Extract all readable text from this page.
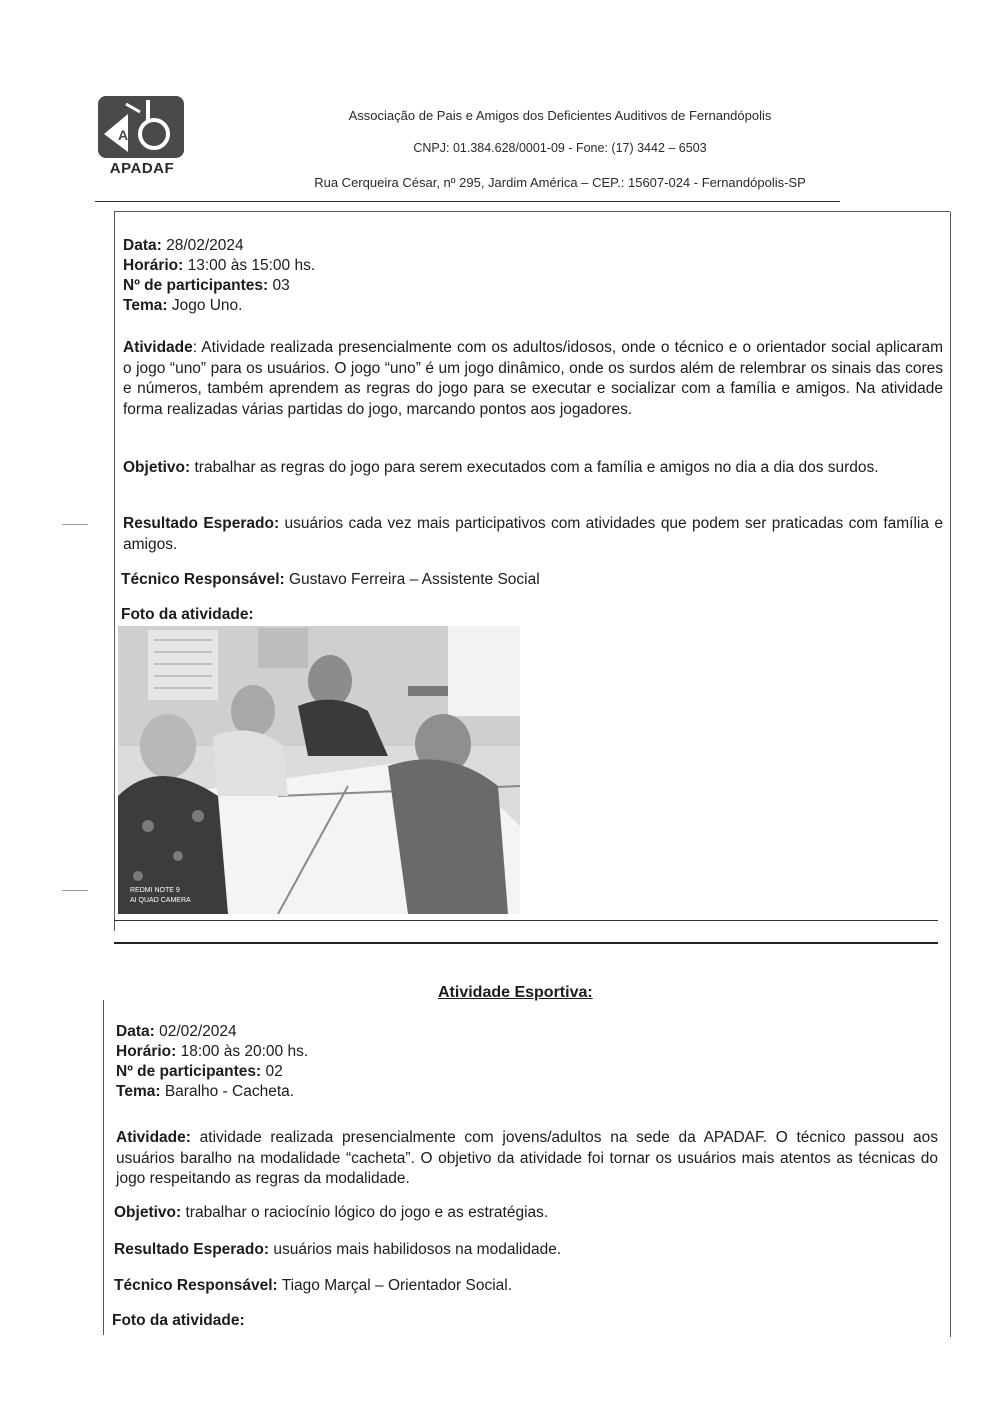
A
APADAF
Associação de Pais e Amigos dos Deficientes Auditivos de Fernandópolis
CNPJ: 01.384.628/0001-09 - Fone: (17) 3442 – 6503
Rua Cerqueira César, nº 295, Jardim América – CEP.: 15607-024 - Fernandópolis-SP
Data: 28/02/2024
Horário: 13:00 às 15:00 hs.
Nº de participantes: 03
Tema: Jogo Uno.
Atividade: Atividade realizada presencialmente com os adultos/idosos, onde o técnico e o orientador social aplicaram o jogo “uno” para os usuários. O jogo “uno” é um jogo dinâmico, onde os surdos além de relembrar os sinais das cores e números, também aprendem as regras do jogo para se executar e socializar com a família e amigos. Na atividade forma realizadas várias partidas do jogo, marcando pontos aos jogadores.
Objetivo: trabalhar as regras do jogo para serem executados com a família e amigos no dia a dia dos surdos.
Resultado Esperado: usuários cada vez mais participativos com atividades que podem ser praticadas com família e amigos.
Técnico Responsável: Gustavo Ferreira – Assistente Social
Foto da atividade:
REDMI NOTE 9
AI QUAD CAMERA
Atividade Esportiva:
Data: 02/02/2024
Horário: 18:00 às 20:00 hs.
Nº de participantes: 02
Tema: Baralho - Cacheta.
Atividade: atividade realizada presencialmente com jovens/adultos na sede da APADAF. O técnico passou aos usuários baralho na modalidade “cacheta”. O objetivo da atividade foi tornar os usuários mais atentos as técnicas do jogo respeitando as regras da modalidade.
Objetivo: trabalhar o raciocínio lógico do jogo e as estratégias.
Resultado Esperado: usuários mais habilidosos na modalidade.
Técnico Responsável: Tiago Marçal – Orientador Social.
Foto da atividade:
